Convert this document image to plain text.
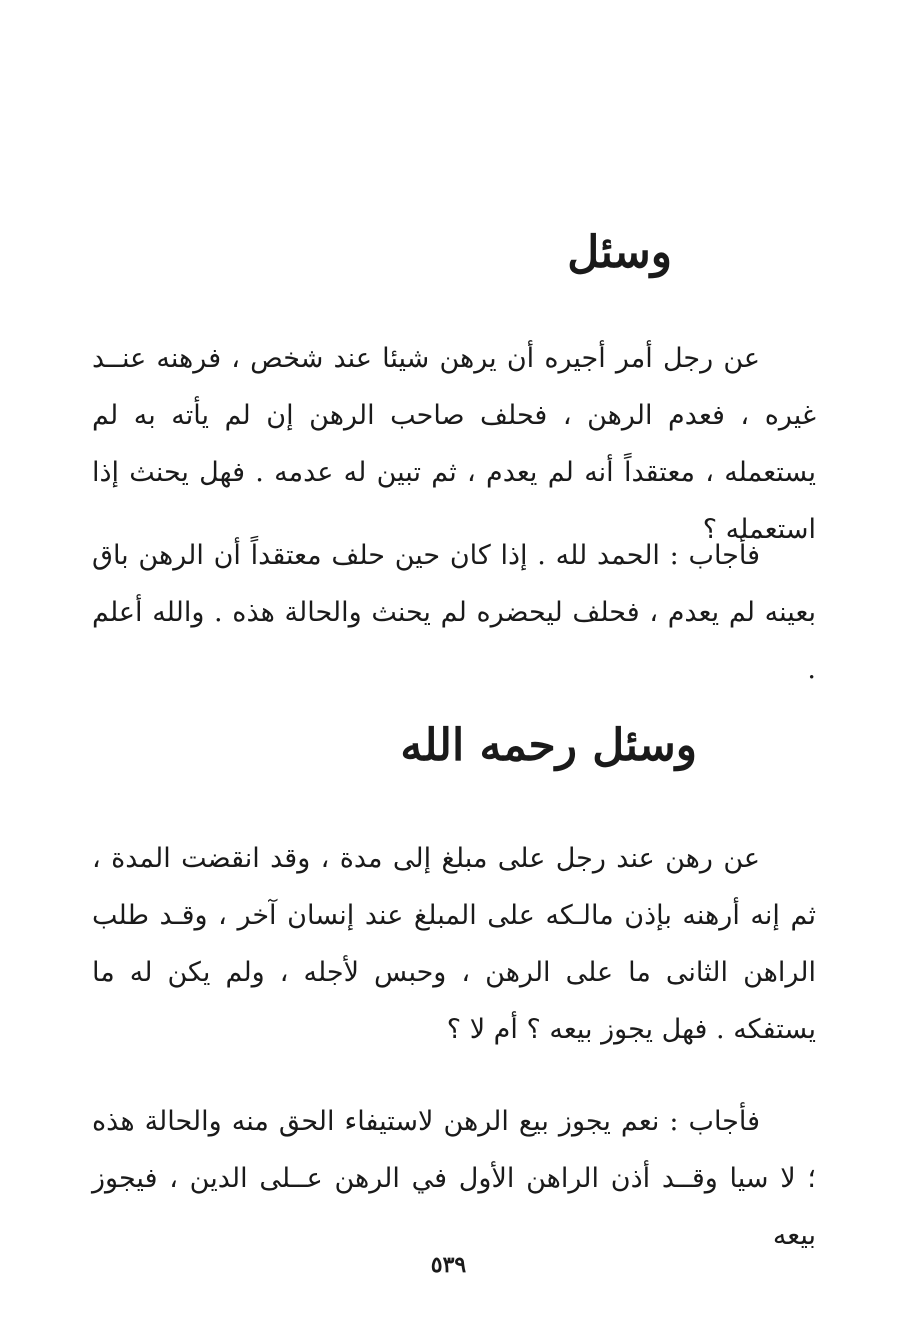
وسئل
عن رجل أمر أجيره أن يرهن شيئا عند شخص ، فرهنه عنــد غيره ، فعدم الرهن ، فحلف صاحب الرهن إن لم يأته به لم يستعمله ، معتقداً أنه لم يعدم ، ثم تبين له عدمه . فهل يحنث إذا استعمله ؟
فأجاب : الحمد لله . إذا كان حين حلف معتقداً أن الرهن باق بعينه لم يعدم ، فحلف ليحضره لم يحنث والحالة هذه . والله أعلم .
وسئل رحمه الله
عن رهن عند رجل على مبلغ إلى مدة ، وقد انقضت المدة ، ثم إنه أرهنه بإذن مالـكه على المبلغ عند إنسان آخر ، وقـد طلب الراهن الثانى ما على الرهن ، وحبس لأجله ، ولم يكن له ما يستفكه . فهل يجوز بيعه ؟ أم لا ؟
فأجاب : نعم يجوز بيع الرهن لاستيفاء الحق منه والحالة هذه ؛ لا سيا وقــد أذن الراهن الأول في الرهن عــلى الدين ، فيجوز بيعه
٥٣٩
